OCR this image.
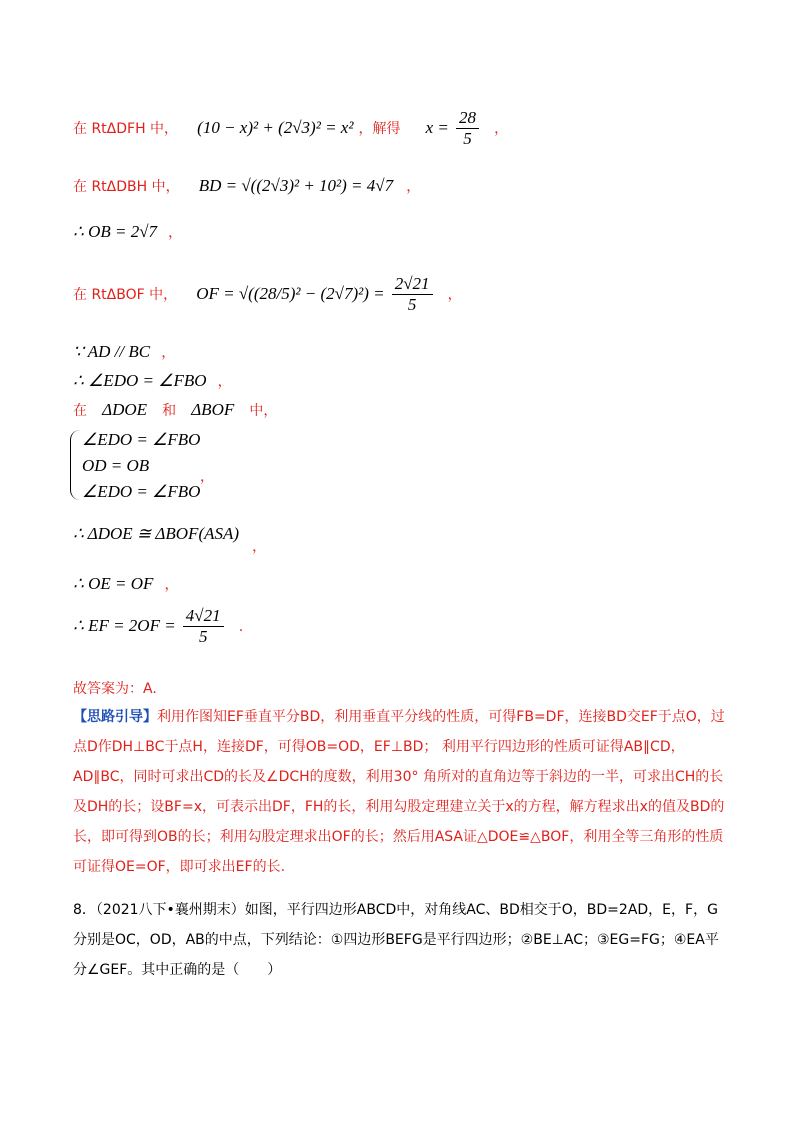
在 RtΔDFH 中， (10 − x)² + (2√3)² = x² ，解得 $x = \frac{28}{5}$ ，
在 RtΔDBH 中， BD = √((2√3)² + 10²) = 4√7 ，
∴ OB = 2√7 ，
在 RtΔBOF 中， OF = $√((28/5)^2 - (2√7)^2) = \frac{2√21}{5}$ ，
∵ AD // BC ，
∴ ∠EDO = ∠FBO ，
在 ΔDOE 和 ΔBOF 中，
∠EDO = ∠FBO
OD = OB
∠EDO = ∠FBO
，
∴ ΔDOE ≅ ΔBOF(ASA) ，
∴ OE = OF ，
∴ EF = $2OF = \frac{4√21}{5}$ .
故答案为：A.
【思路引导】利用作图知EF垂直平分BD，利用垂直平分线的性质，可得FB=DF，连接BD交EF于点O，过点D作DH⊥BC于点H，连接DF，可得OB=OD，EF⊥BD； 利用平行四边形的性质可证得AB∥CD，AD∥BC，同时可求出CD的长及∠DCH的度数，利用30° 角所对的直角边等于斜边的一半，可求出CH的长及DH的长；设BF=x，可表示出DF，FH的长，利用勾股定理建立关于x的方程，解方程求出x的值及BD的长，即可得到OB的长；利用勾股定理求出OF的长；然后用ASA证△DOE≌△BOF，利用全等三角形的性质可证得OE=OF，即可求出EF的长.
8．（2021八下•襄州期末）如图，平行四边形ABCD中，对角线AC、BD相交于O，BD=2AD，E，F，G分别是OC，OD，AB的中点，下列结论：①四边形BEFG是平行四边形；②BE⊥AC；③EG=FG；④EA平分∠GEF。其中正确的是（　　）
